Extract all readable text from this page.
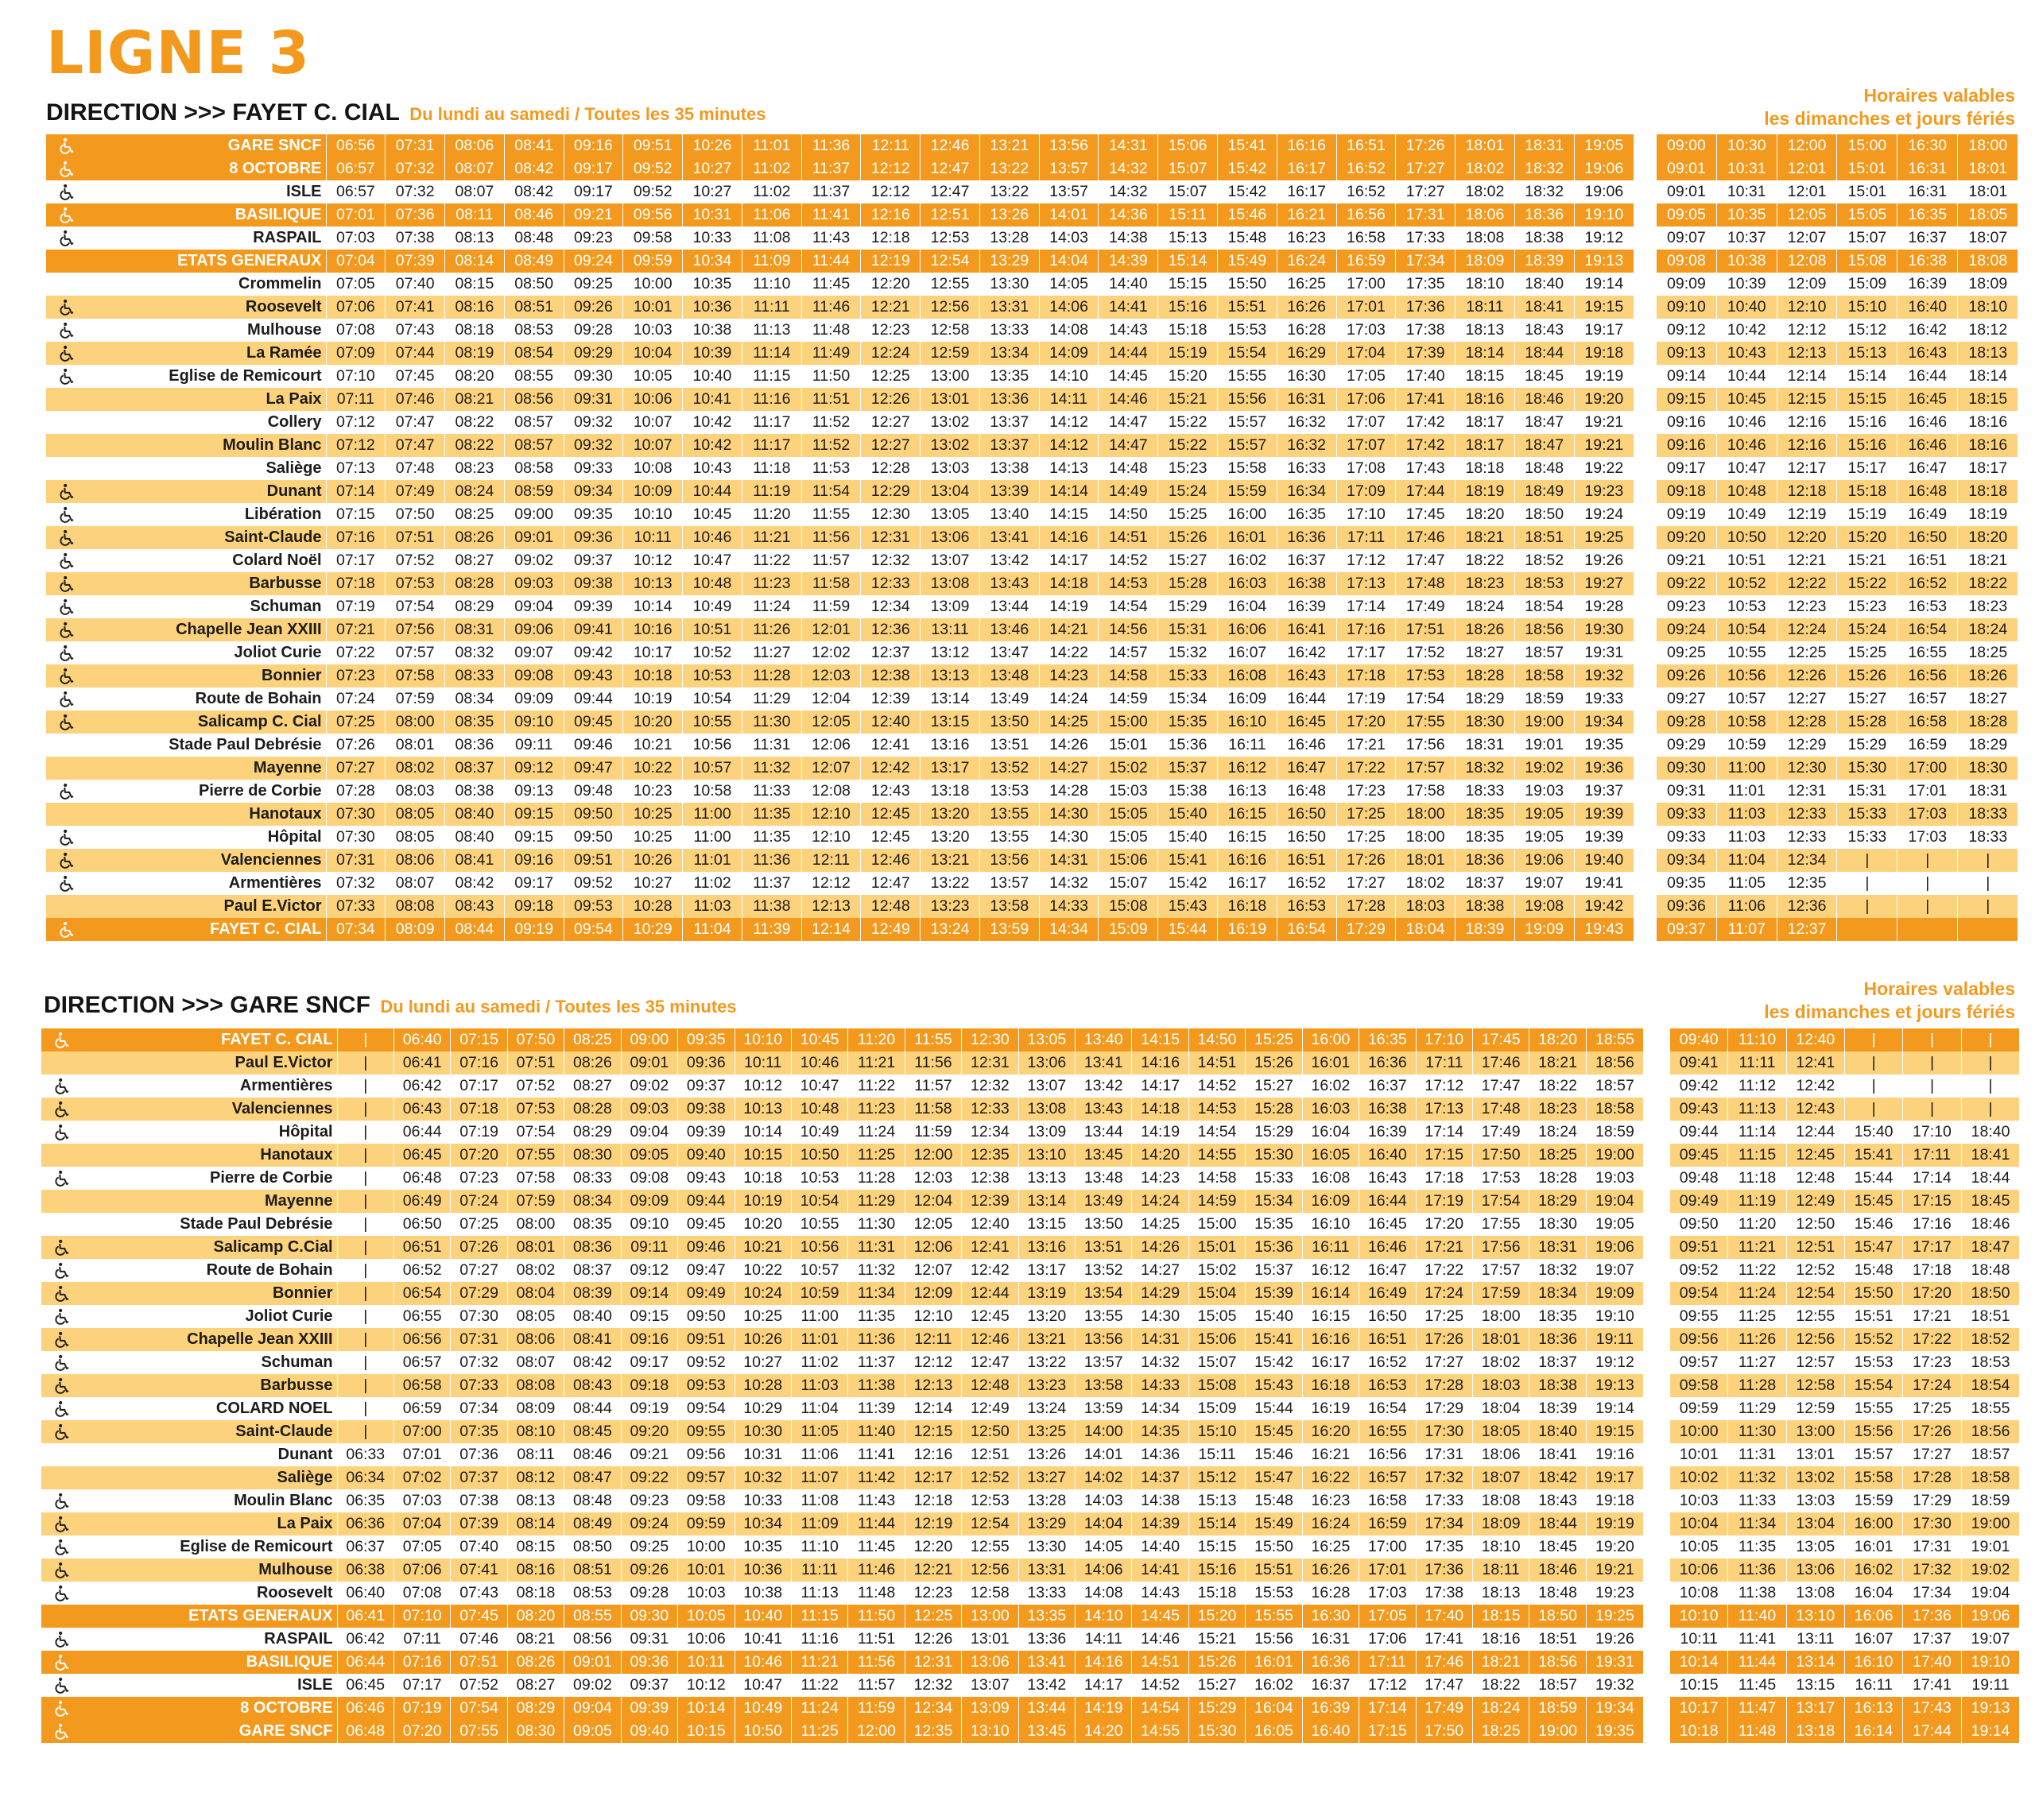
LIGNE 3
DIRECTION >>> FAYET C. CIAL Du lundi au samedi / Toutes les 35 minutes
Horaires valables
les dimanches et jours fériés
	GARE SNCF	06:56	07:31	08:06	08:41	09:16	09:51	10:26	11:01	11:36	12:11	12:46	13:21	13:56	14:31	15:06	15:41	16:16	16:51	17:26	18:01	18:31	19:05

	8 OCTOBRE	06:57	07:32	08:07	08:42	09:17	09:52	10:27	11:02	11:37	12:12	12:47	13:22	13:57	14:32	15:07	15:42	16:17	16:52	17:27	18:02	18:32	19:06

	ISLE	06:57	07:32	08:07	08:42	09:17	09:52	10:27	11:02	11:37	12:12	12:47	13:22	13:57	14:32	15:07	15:42	16:17	16:52	17:27	18:02	18:32	19:06

	BASILIQUE	07:01	07:36	08:11	08:46	09:21	09:56	10:31	11:06	11:41	12:16	12:51	13:26	14:01	14:36	15:11	15:46	16:21	16:56	17:31	18:06	18:36	19:10

	RASPAIL	07:03	07:38	08:13	08:48	09:23	09:58	10:33	11:08	11:43	12:18	12:53	13:28	14:03	14:38	15:13	15:48	16:23	16:58	17:33	18:08	18:38	19:12
	ETATS GENERAUX	07:04	07:39	08:14	08:49	09:24	09:59	10:34	11:09	11:44	12:19	12:54	13:29	14:04	14:39	15:14	15:49	16:24	16:59	17:34	18:09	18:39	19:13
	Crommelin	07:05	07:40	08:15	08:50	09:25	10:00	10:35	11:10	11:45	12:20	12:55	13:30	14:05	14:40	15:15	15:50	16:25	17:00	17:35	18:10	18:40	19:14

	Roosevelt	07:06	07:41	08:16	08:51	09:26	10:01	10:36	11:11	11:46	12:21	12:56	13:31	14:06	14:41	15:16	15:51	16:26	17:01	17:36	18:11	18:41	19:15

	Mulhouse	07:08	07:43	08:18	08:53	09:28	10:03	10:38	11:13	11:48	12:23	12:58	13:33	14:08	14:43	15:18	15:53	16:28	17:03	17:38	18:13	18:43	19:17

	La Ramée	07:09	07:44	08:19	08:54	09:29	10:04	10:39	11:14	11:49	12:24	12:59	13:34	14:09	14:44	15:19	15:54	16:29	17:04	17:39	18:14	18:44	19:18

	Eglise de Remicourt	07:10	07:45	08:20	08:55	09:30	10:05	10:40	11:15	11:50	12:25	13:00	13:35	14:10	14:45	15:20	15:55	16:30	17:05	17:40	18:15	18:45	19:19
	La Paix	07:11	07:46	08:21	08:56	09:31	10:06	10:41	11:16	11:51	12:26	13:01	13:36	14:11	14:46	15:21	15:56	16:31	17:06	17:41	18:16	18:46	19:20
	Collery	07:12	07:47	08:22	08:57	09:32	10:07	10:42	11:17	11:52	12:27	13:02	13:37	14:12	14:47	15:22	15:57	16:32	17:07	17:42	18:17	18:47	19:21
	Moulin Blanc	07:12	07:47	08:22	08:57	09:32	10:07	10:42	11:17	11:52	12:27	13:02	13:37	14:12	14:47	15:22	15:57	16:32	17:07	17:42	18:17	18:47	19:21
	Saliège	07:13	07:48	08:23	08:58	09:33	10:08	10:43	11:18	11:53	12:28	13:03	13:38	14:13	14:48	15:23	15:58	16:33	17:08	17:43	18:18	18:48	19:22

	Dunant	07:14	07:49	08:24	08:59	09:34	10:09	10:44	11:19	11:54	12:29	13:04	13:39	14:14	14:49	15:24	15:59	16:34	17:09	17:44	18:19	18:49	19:23

	Libération	07:15	07:50	08:25	09:00	09:35	10:10	10:45	11:20	11:55	12:30	13:05	13:40	14:15	14:50	15:25	16:00	16:35	17:10	17:45	18:20	18:50	19:24

	Saint-Claude	07:16	07:51	08:26	09:01	09:36	10:11	10:46	11:21	11:56	12:31	13:06	13:41	14:16	14:51	15:26	16:01	16:36	17:11	17:46	18:21	18:51	19:25

	Colard Noël	07:17	07:52	08:27	09:02	09:37	10:12	10:47	11:22	11:57	12:32	13:07	13:42	14:17	14:52	15:27	16:02	16:37	17:12	17:47	18:22	18:52	19:26

	Barbusse	07:18	07:53	08:28	09:03	09:38	10:13	10:48	11:23	11:58	12:33	13:08	13:43	14:18	14:53	15:28	16:03	16:38	17:13	17:48	18:23	18:53	19:27

	Schuman	07:19	07:54	08:29	09:04	09:39	10:14	10:49	11:24	11:59	12:34	13:09	13:44	14:19	14:54	15:29	16:04	16:39	17:14	17:49	18:24	18:54	19:28

	Chapelle Jean XXIII	07:21	07:56	08:31	09:06	09:41	10:16	10:51	11:26	12:01	12:36	13:11	13:46	14:21	14:56	15:31	16:06	16:41	17:16	17:51	18:26	18:56	19:30

	Joliot Curie	07:22	07:57	08:32	09:07	09:42	10:17	10:52	11:27	12:02	12:37	13:12	13:47	14:22	14:57	15:32	16:07	16:42	17:17	17:52	18:27	18:57	19:31

	Bonnier	07:23	07:58	08:33	09:08	09:43	10:18	10:53	11:28	12:03	12:38	13:13	13:48	14:23	14:58	15:33	16:08	16:43	17:18	17:53	18:28	18:58	19:32

	Route de Bohain	07:24	07:59	08:34	09:09	09:44	10:19	10:54	11:29	12:04	12:39	13:14	13:49	14:24	14:59	15:34	16:09	16:44	17:19	17:54	18:29	18:59	19:33

	Salicamp C. Cial	07:25	08:00	08:35	09:10	09:45	10:20	10:55	11:30	12:05	12:40	13:15	13:50	14:25	15:00	15:35	16:10	16:45	17:20	17:55	18:30	19:00	19:34
	Stade Paul Debrésie	07:26	08:01	08:36	09:11	09:46	10:21	10:56	11:31	12:06	12:41	13:16	13:51	14:26	15:01	15:36	16:11	16:46	17:21	17:56	18:31	19:01	19:35
	Mayenne	07:27	08:02	08:37	09:12	09:47	10:22	10:57	11:32	12:07	12:42	13:17	13:52	14:27	15:02	15:37	16:12	16:47	17:22	17:57	18:32	19:02	19:36

	Pierre de Corbie	07:28	08:03	08:38	09:13	09:48	10:23	10:58	11:33	12:08	12:43	13:18	13:53	14:28	15:03	15:38	16:13	16:48	17:23	17:58	18:33	19:03	19:37
	Hanotaux	07:30	08:05	08:40	09:15	09:50	10:25	11:00	11:35	12:10	12:45	13:20	13:55	14:30	15:05	15:40	16:15	16:50	17:25	18:00	18:35	19:05	19:39

	Hôpital	07:30	08:05	08:40	09:15	09:50	10:25	11:00	11:35	12:10	12:45	13:20	13:55	14:30	15:05	15:40	16:15	16:50	17:25	18:00	18:35	19:05	19:39

	Valenciennes	07:31	08:06	08:41	09:16	09:51	10:26	11:01	11:36	12:11	12:46	13:21	13:56	14:31	15:06	15:41	16:16	16:51	17:26	18:01	18:36	19:06	19:40

	Armentières	07:32	08:07	08:42	09:17	09:52	10:27	11:02	11:37	12:12	12:47	13:22	13:57	14:32	15:07	15:42	16:17	16:52	17:27	18:02	18:37	19:07	19:41
	Paul E.Victor	07:33	08:08	08:43	09:18	09:53	10:28	11:03	11:38	12:13	12:48	13:23	13:58	14:33	15:08	15:43	16:18	16:53	17:28	18:03	18:38	19:08	19:42

	FAYET C. CIAL	07:34	08:09	08:44	09:19	09:54	10:29	11:04	11:39	12:14	12:49	13:24	13:59	14:34	15:09	15:44	16:19	16:54	17:29	18:04	18:39	19:09	19:43
09:00	10:30	12:00	15:00	16:30	18:00
09:01	10:31	12:01	15:01	16:31	18:01
09:01	10:31	12:01	15:01	16:31	18:01
09:05	10:35	12:05	15:05	16:35	18:05
09:07	10:37	12:07	15:07	16:37	18:07
09:08	10:38	12:08	15:08	16:38	18:08
09:09	10:39	12:09	15:09	16:39	18:09
09:10	10:40	12:10	15:10	16:40	18:10
09:12	10:42	12:12	15:12	16:42	18:12
09:13	10:43	12:13	15:13	16:43	18:13
09:14	10:44	12:14	15:14	16:44	18:14
09:15	10:45	12:15	15:15	16:45	18:15
09:16	10:46	12:16	15:16	16:46	18:16
09:16	10:46	12:16	15:16	16:46	18:16
09:17	10:47	12:17	15:17	16:47	18:17
09:18	10:48	12:18	15:18	16:48	18:18
09:19	10:49	12:19	15:19	16:49	18:19
09:20	10:50	12:20	15:20	16:50	18:20
09:21	10:51	12:21	15:21	16:51	18:21
09:22	10:52	12:22	15:22	16:52	18:22
09:23	10:53	12:23	15:23	16:53	18:23
09:24	10:54	12:24	15:24	16:54	18:24
09:25	10:55	12:25	15:25	16:55	18:25
09:26	10:56	12:26	15:26	16:56	18:26
09:27	10:57	12:27	15:27	16:57	18:27
09:28	10:58	12:28	15:28	16:58	18:28
09:29	10:59	12:29	15:29	16:59	18:29
09:30	11:00	12:30	15:30	17:00	18:30
09:31	11:01	12:31	15:31	17:01	18:31
09:33	11:03	12:33	15:33	17:03	18:33
09:33	11:03	12:33	15:33	17:03	18:33
09:34	11:04	12:34	|	|	|
09:35	11:05	12:35	|	|	|
09:36	11:06	12:36	|	|	|
09:37	11:07	12:37			
DIRECTION >>> GARE SNCF Du lundi au samedi / Toutes les 35 minutes
Horaires valables
les dimanches et jours fériés
	FAYET C. CIAL	|	06:40	07:15	07:50	08:25	09:00	09:35	10:10	10:45	11:20	11:55	12:30	13:05	13:40	14:15	14:50	15:25	16:00	16:35	17:10	17:45	18:20	18:55
	Paul E.Victor	|	06:41	07:16	07:51	08:26	09:01	09:36	10:11	10:46	11:21	11:56	12:31	13:06	13:41	14:16	14:51	15:26	16:01	16:36	17:11	17:46	18:21	18:56

	Armentières	|	06:42	07:17	07:52	08:27	09:02	09:37	10:12	10:47	11:22	11:57	12:32	13:07	13:42	14:17	14:52	15:27	16:02	16:37	17:12	17:47	18:22	18:57

	Valenciennes	|	06:43	07:18	07:53	08:28	09:03	09:38	10:13	10:48	11:23	11:58	12:33	13:08	13:43	14:18	14:53	15:28	16:03	16:38	17:13	17:48	18:23	18:58

	Hôpital	|	06:44	07:19	07:54	08:29	09:04	09:39	10:14	10:49	11:24	11:59	12:34	13:09	13:44	14:19	14:54	15:29	16:04	16:39	17:14	17:49	18:24	18:59
	Hanotaux	|	06:45	07:20	07:55	08:30	09:05	09:40	10:15	10:50	11:25	12:00	12:35	13:10	13:45	14:20	14:55	15:30	16:05	16:40	17:15	17:50	18:25	19:00

	Pierre de Corbie	|	06:48	07:23	07:58	08:33	09:08	09:43	10:18	10:53	11:28	12:03	12:38	13:13	13:48	14:23	14:58	15:33	16:08	16:43	17:18	17:53	18:28	19:03
	Mayenne	|	06:49	07:24	07:59	08:34	09:09	09:44	10:19	10:54	11:29	12:04	12:39	13:14	13:49	14:24	14:59	15:34	16:09	16:44	17:19	17:54	18:29	19:04
	Stade Paul Debrésie	|	06:50	07:25	08:00	08:35	09:10	09:45	10:20	10:55	11:30	12:05	12:40	13:15	13:50	14:25	15:00	15:35	16:10	16:45	17:20	17:55	18:30	19:05

	Salicamp C.Cial	|	06:51	07:26	08:01	08:36	09:11	09:46	10:21	10:56	11:31	12:06	12:41	13:16	13:51	14:26	15:01	15:36	16:11	16:46	17:21	17:56	18:31	19:06

	Route de Bohain	|	06:52	07:27	08:02	08:37	09:12	09:47	10:22	10:57	11:32	12:07	12:42	13:17	13:52	14:27	15:02	15:37	16:12	16:47	17:22	17:57	18:32	19:07

	Bonnier	|	06:54	07:29	08:04	08:39	09:14	09:49	10:24	10:59	11:34	12:09	12:44	13:19	13:54	14:29	15:04	15:39	16:14	16:49	17:24	17:59	18:34	19:09

	Joliot Curie	|	06:55	07:30	08:05	08:40	09:15	09:50	10:25	11:00	11:35	12:10	12:45	13:20	13:55	14:30	15:05	15:40	16:15	16:50	17:25	18:00	18:35	19:10

	Chapelle Jean XXIII	|	06:56	07:31	08:06	08:41	09:16	09:51	10:26	11:01	11:36	12:11	12:46	13:21	13:56	14:31	15:06	15:41	16:16	16:51	17:26	18:01	18:36	19:11

	Schuman	|	06:57	07:32	08:07	08:42	09:17	09:52	10:27	11:02	11:37	12:12	12:47	13:22	13:57	14:32	15:07	15:42	16:17	16:52	17:27	18:02	18:37	19:12

	Barbusse	|	06:58	07:33	08:08	08:43	09:18	09:53	10:28	11:03	11:38	12:13	12:48	13:23	13:58	14:33	15:08	15:43	16:18	16:53	17:28	18:03	18:38	19:13

	COLARD NOEL	|	06:59	07:34	08:09	08:44	09:19	09:54	10:29	11:04	11:39	12:14	12:49	13:24	13:59	14:34	15:09	15:44	16:19	16:54	17:29	18:04	18:39	19:14

	Saint-Claude	|	07:00	07:35	08:10	08:45	09:20	09:55	10:30	11:05	11:40	12:15	12:50	13:25	14:00	14:35	15:10	15:45	16:20	16:55	17:30	18:05	18:40	19:15
	Dunant	06:33	07:01	07:36	08:11	08:46	09:21	09:56	10:31	11:06	11:41	12:16	12:51	13:26	14:01	14:36	15:11	15:46	16:21	16:56	17:31	18:06	18:41	19:16
	Saliège	06:34	07:02	07:37	08:12	08:47	09:22	09:57	10:32	11:07	11:42	12:17	12:52	13:27	14:02	14:37	15:12	15:47	16:22	16:57	17:32	18:07	18:42	19:17

	Moulin Blanc	06:35	07:03	07:38	08:13	08:48	09:23	09:58	10:33	11:08	11:43	12:18	12:53	13:28	14:03	14:38	15:13	15:48	16:23	16:58	17:33	18:08	18:43	19:18

	La Paix	06:36	07:04	07:39	08:14	08:49	09:24	09:59	10:34	11:09	11:44	12:19	12:54	13:29	14:04	14:39	15:14	15:49	16:24	16:59	17:34	18:09	18:44	19:19

	Eglise de Remicourt	06:37	07:05	07:40	08:15	08:50	09:25	10:00	10:35	11:10	11:45	12:20	12:55	13:30	14:05	14:40	15:15	15:50	16:25	17:00	17:35	18:10	18:45	19:20

	Mulhouse	06:38	07:06	07:41	08:16	08:51	09:26	10:01	10:36	11:11	11:46	12:21	12:56	13:31	14:06	14:41	15:16	15:51	16:26	17:01	17:36	18:11	18:46	19:21

	Roosevelt	06:40	07:08	07:43	08:18	08:53	09:28	10:03	10:38	11:13	11:48	12:23	12:58	13:33	14:08	14:43	15:18	15:53	16:28	17:03	17:38	18:13	18:48	19:23
	ETATS GENERAUX	06:41	07:10	07:45	08:20	08:55	09:30	10:05	10:40	11:15	11:50	12:25	13:00	13:35	14:10	14:45	15:20	15:55	16:30	17:05	17:40	18:15	18:50	19:25

	RASPAIL	06:42	07:11	07:46	08:21	08:56	09:31	10:06	10:41	11:16	11:51	12:26	13:01	13:36	14:11	14:46	15:21	15:56	16:31	17:06	17:41	18:16	18:51	19:26

	BASILIQUE	06:44	07:16	07:51	08:26	09:01	09:36	10:11	10:46	11:21	11:56	12:31	13:06	13:41	14:16	14:51	15:26	16:01	16:36	17:11	17:46	18:21	18:56	19:31

	ISLE	06:45	07:17	07:52	08:27	09:02	09:37	10:12	10:47	11:22	11:57	12:32	13:07	13:42	14:17	14:52	15:27	16:02	16:37	17:12	17:47	18:22	18:57	19:32

	8 OCTOBRE	06:46	07:19	07:54	08:29	09:04	09:39	10:14	10:49	11:24	11:59	12:34	13:09	13:44	14:19	14:54	15:29	16:04	16:39	17:14	17:49	18:24	18:59	19:34

	GARE SNCF	06:48	07:20	07:55	08:30	09:05	09:40	10:15	10:50	11:25	12:00	12:35	13:10	13:45	14:20	14:55	15:30	16:05	16:40	17:15	17:50	18:25	19:00	19:35
09:40	11:10	12:40	|	|	|
09:41	11:11	12:41	|	|	|
09:42	11:12	12:42	|	|	|
09:43	11:13	12:43	|	|	|
09:44	11:14	12:44	15:40	17:10	18:40
09:45	11:15	12:45	15:41	17:11	18:41
09:48	11:18	12:48	15:44	17:14	18:44
09:49	11:19	12:49	15:45	17:15	18:45
09:50	11:20	12:50	15:46	17:16	18:46
09:51	11:21	12:51	15:47	17:17	18:47
09:52	11:22	12:52	15:48	17:18	18:48
09:54	11:24	12:54	15:50	17:20	18:50
09:55	11:25	12:55	15:51	17:21	18:51
09:56	11:26	12:56	15:52	17:22	18:52
09:57	11:27	12:57	15:53	17:23	18:53
09:58	11:28	12:58	15:54	17:24	18:54
09:59	11:29	12:59	15:55	17:25	18:55
10:00	11:30	13:00	15:56	17:26	18:56
10:01	11:31	13:01	15:57	17:27	18:57
10:02	11:32	13:02	15:58	17:28	18:58
10:03	11:33	13:03	15:59	17:29	18:59
10:04	11:34	13:04	16:00	17:30	19:00
10:05	11:35	13:05	16:01	17:31	19:01
10:06	11:36	13:06	16:02	17:32	19:02
10:08	11:38	13:08	16:04	17:34	19:04
10:10	11:40	13:10	16:06	17:36	19:06
10:11	11:41	13:11	16:07	17:37	19:07
10:14	11:44	13:14	16:10	17:40	19:10
10:15	11:45	13:15	16:11	17:41	19:11
10:17	11:47	13:17	16:13	17:43	19:13
10:18	11:48	13:18	16:14	17:44	19:14
